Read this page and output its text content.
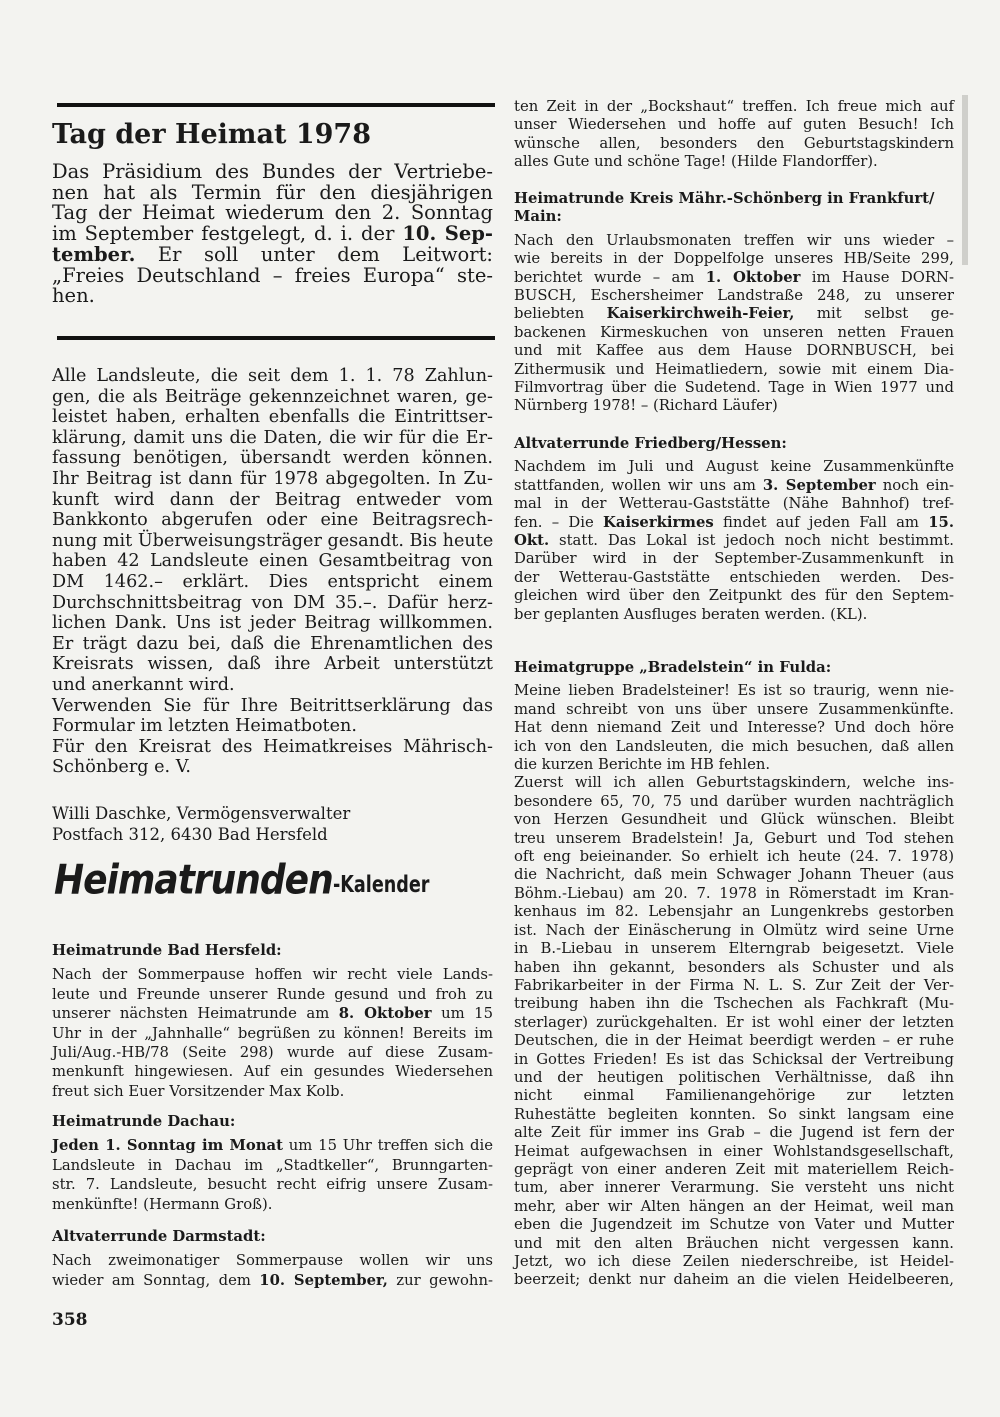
Tag der Heimat 1978
Das Präsidium des Bundes der Vertriebe-
nen hat als Termin für den diesjährigen
Tag der Heimat wiederum den 2. Sonntag
im September festgelegt, d. i. der 10. Sep-
tember. Er soll unter dem Leitwort:
„Freies Deutschland – freies Europa“ ste-
hen.
Alle Landsleute, die seit dem 1. 1. 78 Zahlun-
gen, die als Beiträge gekennzeichnet waren, ge-
leistet haben, erhalten ebenfalls die Eintrittser-
klärung, damit uns die Daten, die wir für die Er-
fassung benötigen, übersandt werden können.
Ihr Beitrag ist dann für 1978 abgegolten. In Zu-
kunft wird dann der Beitrag entweder vom
Bankkonto abgerufen oder eine Beitragsrech-
nung mit Überweisungsträger gesandt. Bis heute
haben 42 Landsleute einen Gesamtbeitrag von
DM 1462.– erklärt. Dies entspricht einem
Durchschnittsbeitrag von DM 35.–. Dafür herz-
lichen Dank. Uns ist jeder Beitrag willkommen.
Er trägt dazu bei, daß die Ehrenamtlichen des
Kreisrats wissen, daß ihre Arbeit unterstützt
und anerkannt wird.
Verwenden Sie für Ihre Beitrittserklärung das
Formular im letzten Heimatboten.
Für den Kreisrat des Heimatkreises Mährisch-
Schönberg e. V.
Willi Daschke, Vermögensverwalter
Postfach 312, 6430 Bad Hersfeld
Heimatrunden-Kalender
Heimatrunde Bad Hersfeld:
Nach der Sommerpause hoffen wir recht viele Lands-
leute und Freunde unserer Runde gesund und froh zu
unserer nächsten Heimatrunde am 8. Oktober um 15
Uhr in der „Jahnhalle“ begrüßen zu können! Bereits im
Juli/Aug.-HB/78 (Seite 298) wurde auf diese Zusam-
menkunft hingewiesen. Auf ein gesundes Wiedersehen
freut sich Euer Vorsitzender Max Kolb.
Heimatrunde Dachau:
Jeden 1. Sonntag im Monat um 15 Uhr treffen sich die
Landsleute in Dachau im „Stadtkeller“, Brunngarten-
str. 7. Landsleute, besucht recht eifrig unsere Zusam-
menkünfte! (Hermann Groß).
Altvaterrunde Darmstadt:
Nach zweimonatiger Sommerpause wollen wir uns
wieder am Sonntag, dem 10. September, zur gewohn-
358
ten Zeit in der „Bockshaut“ treffen. Ich freue mich auf
unser Wiedersehen und hoffe auf guten Besuch! Ich
wünsche allen, besonders den Geburtstagskindern
alles Gute und schöne Tage! (Hilde Flandorffer).
Heimatrunde Kreis Mähr.-Schönberg in Frankfurt/
Main:
Nach den Urlaubsmonaten treffen wir uns wieder –
wie bereits in der Doppelfolge unseres HB/Seite 299,
berichtet wurde – am 1. Oktober im Hause DORN-
BUSCH, Eschersheimer Landstraße 248, zu unserer
beliebten Kaiserkirchweih-Feier, mit selbst ge-
backenen Kirmeskuchen von unseren netten Frauen
und mit Kaffee aus dem Hause DORNBUSCH, bei
Zithermusik und Heimatliedern, sowie mit einem Dia-
Filmvortrag über die Sudetend. Tage in Wien 1977 und
Nürnberg 1978! – (Richard Läufer)
Altvaterrunde Friedberg/Hessen:
Nachdem im Juli und August keine Zusammenkünfte
stattfanden, wollen wir uns am 3. September noch ein-
mal in der Wetterau-Gaststätte (Nähe Bahnhof) tref-
fen. – Die Kaiserkirmes findet auf jeden Fall am 15.
Okt. statt. Das Lokal ist jedoch noch nicht bestimmt.
Darüber wird in der September-Zusammenkunft in
der Wetterau-Gaststätte entschieden werden. Des-
gleichen wird über den Zeitpunkt des für den Septem-
ber geplanten Ausfluges beraten werden. (KL).
Heimatgruppe „Bradelstein“ in Fulda:
Meine lieben Bradelsteiner! Es ist so traurig, wenn nie-
mand schreibt von uns über unsere Zusammenkünfte.
Hat denn niemand Zeit und Interesse? Und doch höre
ich von den Landsleuten, die mich besuchen, daß allen
die kurzen Berichte im HB fehlen.
Zuerst will ich allen Geburtstagskindern, welche ins-
besondere 65, 70, 75 und darüber wurden nachträglich
von Herzen Gesundheit und Glück wünschen. Bleibt
treu unserem Bradelstein! Ja, Geburt und Tod stehen
oft eng beieinander. So erhielt ich heute (24. 7. 1978)
die Nachricht, daß mein Schwager Johann Theuer (aus
Böhm.-Liebau) am 20. 7. 1978 in Römerstadt im Kran-
kenhaus im 82. Lebensjahr an Lungenkrebs gestorben
ist. Nach der Einäscherung in Olmütz wird seine Urne
in B.-Liebau in unserem Elterngrab beigesetzt. Viele
haben ihn gekannt, besonders als Schuster und als
Fabrikarbeiter in der Firma N. L. S. Zur Zeit der Ver-
treibung haben ihn die Tschechen als Fachkraft (Mu-
sterlager) zurückgehalten. Er ist wohl einer der letzten
Deutschen, die in der Heimat beerdigt werden – er ruhe
in Gottes Frieden! Es ist das Schicksal der Vertreibung
und der heutigen politischen Verhältnisse, daß ihn
nicht einmal Familienangehörige zur letzten
Ruhestätte begleiten konnten. So sinkt langsam eine
alte Zeit für immer ins Grab – die Jugend ist fern der
Heimat aufgewachsen in einer Wohlstandsgesellschaft,
geprägt von einer anderen Zeit mit materiellem Reich-
tum, aber innerer Verarmung. Sie versteht uns nicht
mehr, aber wir Alten hängen an der Heimat, weil man
eben die Jugendzeit im Schutze von Vater und Mutter
und mit den alten Bräuchen nicht vergessen kann.
Jetzt, wo ich diese Zeilen niederschreibe, ist Heidel-
beerzeit; denkt nur daheim an die vielen Heidelbeeren,
